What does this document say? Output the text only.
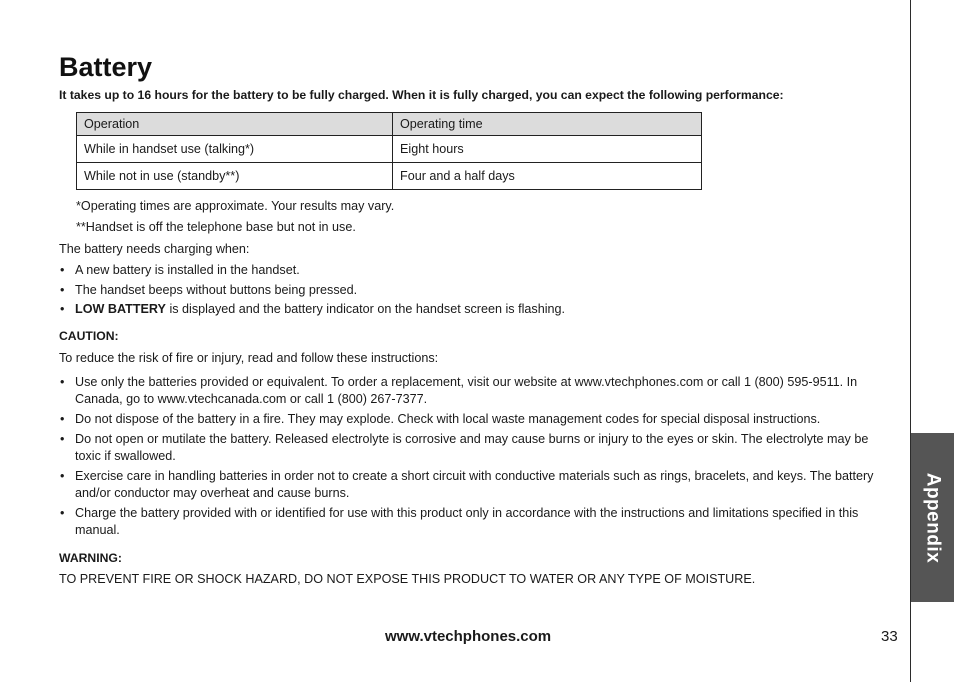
Appendix
Battery
It takes up to 16 hours for the battery to be fully charged. When it is fully charged, you can expect the following performance:
Operation	Operating time
While in handset use (talking*)	Eight hours
While not in use (standby**)	Four and a half days
*Operating times are approximate. Your results may vary.
**Handset is off the telephone base but not in use.
The battery needs charging when:
• A new battery is installed in the handset.
• The handset beeps without buttons being pressed.
• LOW BATTERY is displayed and the battery indicator on the handset screen is flashing.
CAUTION:
To reduce the risk of fire or injury, read and follow these instructions:
• Use only the batteries provided or equivalent. To order a replacement, visit our website at www.vtechphones.com or call 1 (800) 595-9511. In Canada, go to www.vtechcanada.com or call 1 (800) 267-7377.
• Do not dispose of the battery in a fire. They may explode. Check with local waste management codes for special disposal instructions.
• Do not open or mutilate the battery. Released electrolyte is corrosive and may cause burns or injury to the eyes or skin. The electrolyte may be toxic if swallowed.
• Exercise care in handling batteries in order not to create a short circuit with conductive materials such as rings, bracelets, and keys. The battery and/or conductor may overheat and cause burns.
• Charge the battery provided with or identified for use with this product only in accordance with the instructions and limitations specified in this manual.
WARNING:
TO PREVENT FIRE OR SHOCK HAZARD, DO NOT EXPOSE THIS PRODUCT TO WATER OR ANY TYPE OF MOISTURE.
www.vtechphones.com	33
